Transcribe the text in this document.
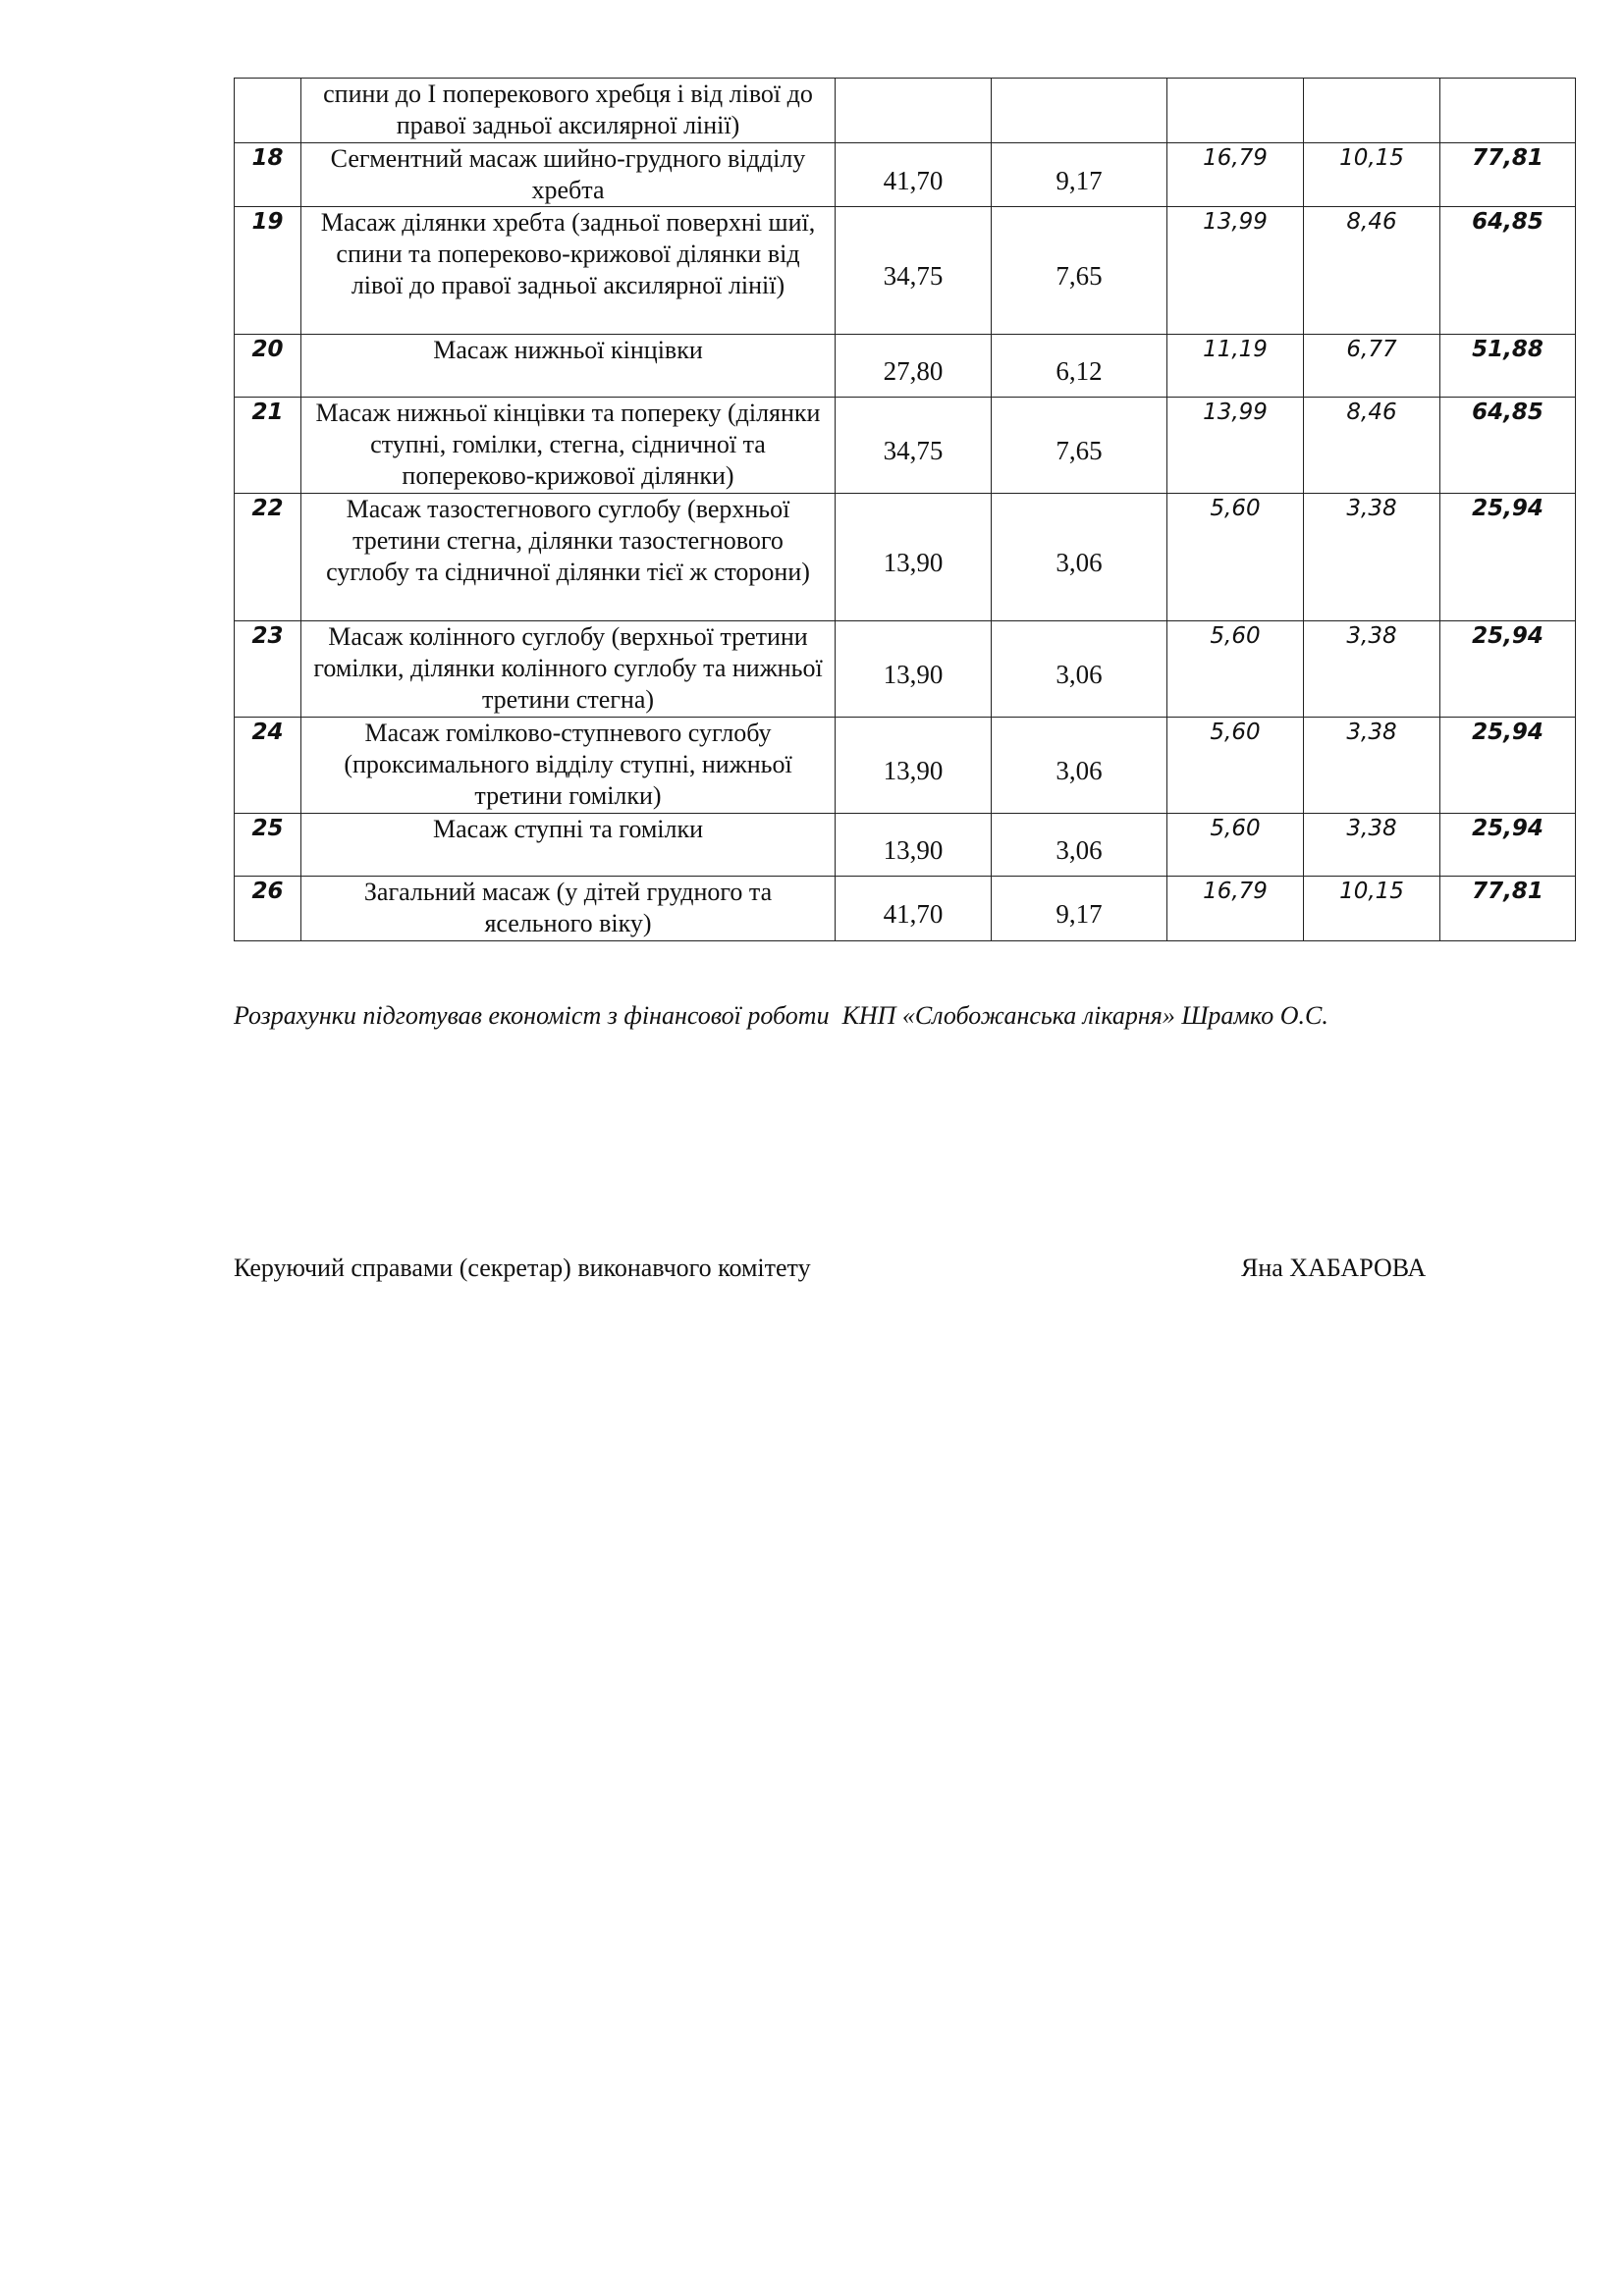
	спини до І поперекового хребця і від лівої до правої задньої аксилярної лінії)					
18	Сегментний масаж шийно-грудного відділу хребта	41,70	9,17	16,79	10,15	77,81
19	Масаж ділянки хребта (задньої поверхні шиї, спини та попереково-крижової ділянки від лівої до правої задньої аксилярної лінії)	34,75	7,65	13,99	8,46	64,85
20	Масаж нижньої кінцівки	27,80	6,12	11,19	6,77	51,88
21	Масаж нижньої кінцівки та попереку (ділянки ступні, гомілки, стегна, сідничної та попереково-крижової ділянки)	34,75	7,65	13,99	8,46	64,85
22	Масаж тазостегнового суглобу (верхньої третини стегна, ділянки тазостегнового суглобу та сідничної ділянки тієї ж сторони)	13,90	3,06	5,60	3,38	25,94
23	Масаж колінного суглобу (верхньої третини гомілки, ділянки колінного суглобу та нижньої третини стегна)	13,90	3,06	5,60	3,38	25,94
24	Масаж гомілково-ступневого суглобу (проксимального відділу ступні, нижньої третини гомілки)	13,90	3,06	5,60	3,38	25,94
25	Масаж ступні та гомілки	13,90	3,06	5,60	3,38	25,94
26	Загальний масаж (у дітей грудного та ясельного віку)	41,70	9,17	16,79	10,15	77,81
Розрахунки підготував економіст з фінансової роботи  КНП «Слобожанська лікарня» Шрамко О.С.
Керуючий справами (секретар) виконавчого комітету	Яна ХАБАРОВА
